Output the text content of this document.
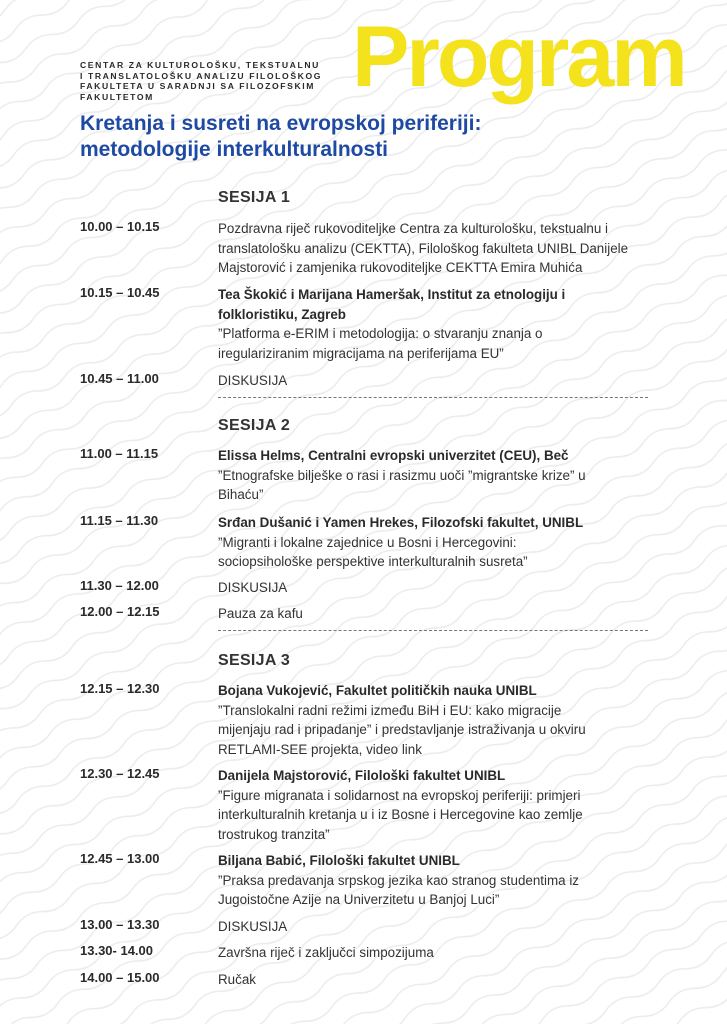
CENTAR ZA KULTUROLOŠKU, TEKSTUALNU
I TRANSLATOLOŠKU ANALIZU FILOLOŠKOG
FAKULTETA U SARADNJI SA FILOZOFSKIM
FAKULTETOM	Program
Kretanja i susreti na evropskoj periferiji:
metodologije interkulturalnosti
SESIJA 1
10.00 – 10.15	Pozdravna riječ rukovoditeljke Centra za kulturološku, tekstualnu i
translatološku analizu (CEKTTA), Filološkog fakulteta UNIBL Danijele
Majstorović i zamjenika rukovoditeljke CEKTTA Emira Muhića
10.15 – 10.45	Tea Škokić i Marijana Hameršak, Institut za etnologiju i
folkloristiku, Zagreb
”Platforma e-ERIM i metodologija: o stvaranju znanja o
iregulariziranim migracijama na periferijama EU”
10.45 – 11.00	DISKUSIJA
SESIJA 2
11.00 – 11.15	Elissa Helms, Centralni evropski univerzitet (CEU), Beč
”Etnografske bilješke o rasi i rasizmu uoči ”migrantske krize” u
Bihaću”
11.15 – 11.30	Srđan Dušanić i Yamen Hrekes, Filozofski fakultet, UNIBL
”Migranti i lokalne zajednice u Bosni i Hercegovini:
sociopsihološke perspektive interkulturalnih susreta”
11.30 – 12.00	DISKUSIJA
12.00 – 12.15	Pauza za kafu
SESIJA 3
12.15 – 12.30	Bojana Vukojević, Fakultet političkih nauka UNIBL
”Translokalni radni režimi između BiH i EU: kako migracije
mijenjaju rad i pripadanje” i predstavljanje istraživanja u okviru
RETLAMI-SEE projekta, video link
12.30 – 12.45	Danijela Majstorović, Filološki fakultet UNIBL
”Figure migranata i solidarnost na evropskoj periferiji: primjeri
interkulturalnih kretanja u i iz Bosne i Hercegovine kao zemlje
trostrukog tranzita”
12.45 – 13.00	Biljana Babić, Filološki fakultet UNIBL
”Praksa predavanja srpskog jezika kao stranog studentima iz
Jugoistočne Azije na Univerzitetu u Banjoj Luci”
13.00 – 13.30	DISKUSIJA
13.30- 14.00	Završna riječ i zaključci simpozijuma
14.00 – 15.00	Ručak
